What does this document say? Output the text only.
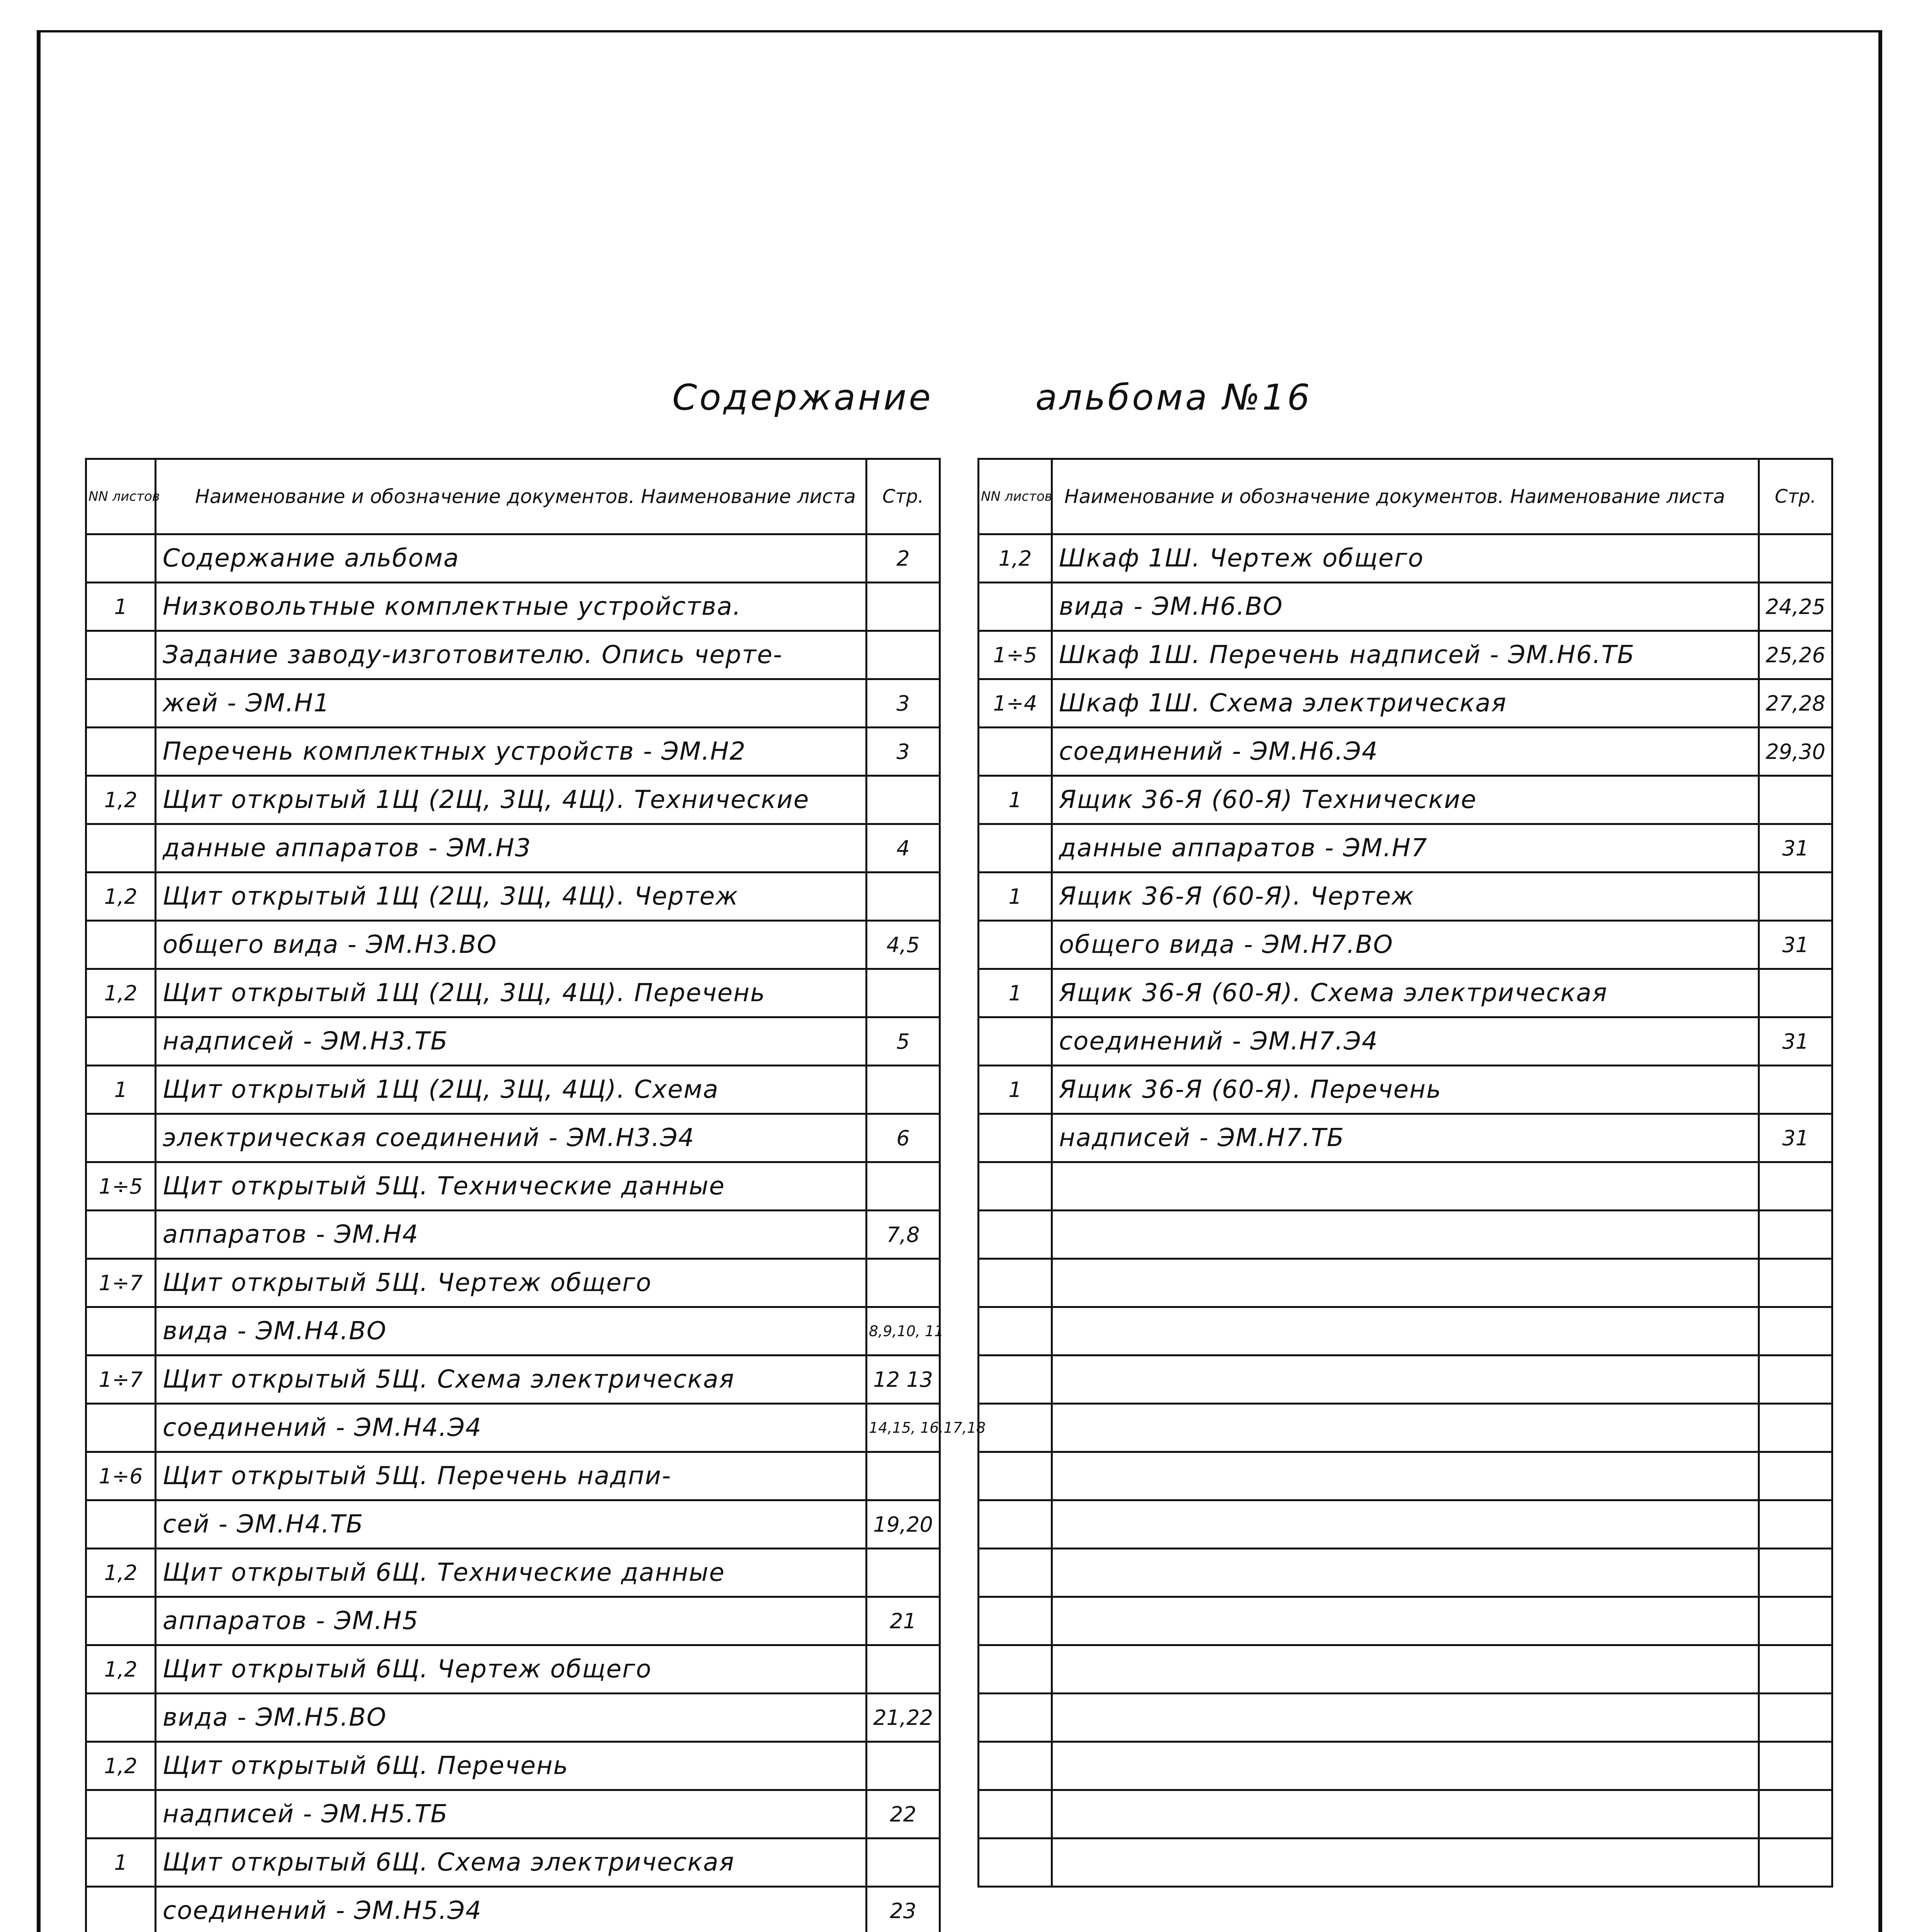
Содержание	альбома №16
NN листов	Наименование и обозначение документов. Наименование листа	Стр.
	Содержание альбома	2
1	Низковольтные комплектные устройства.	
	Задание заводу-изготовителю. Опись черте-	
	жей - ЭМ.Н1	3
	Перечень комплектных устройств - ЭМ.Н2	3
1,2	Щит открытый 1Щ (2Щ, 3Щ, 4Щ). Технические	
	данные аппаратов - ЭМ.Н3	4
1,2	Щит открытый 1Щ (2Щ, 3Щ, 4Щ). Чертеж	
	общего вида - ЭМ.Н3.ВО	4,5
1,2	Щит открытый 1Щ (2Щ, 3Щ, 4Щ). Перечень	
	надписей - ЭМ.Н3.ТБ	5
1	Щит открытый 1Щ (2Щ, 3Щ, 4Щ). Схема	
	электрическая соединений - ЭМ.Н3.Э4	6
1÷5	Щит открытый 5Щ. Технические данные	
	аппаратов - ЭМ.Н4	7,8
1÷7	Щит открытый 5Щ. Чертеж общего	
	вида - ЭМ.Н4.ВО	8,9,10, 11
1÷7	Щит открытый 5Щ. Схема электрическая	12 13
	соединений - ЭМ.Н4.Э4	14,15, 16,17,18
1÷6	Щит открытый 5Щ. Перечень надпи-	
	сей - ЭМ.Н4.ТБ	19,20
1,2	Щит открытый 6Щ. Технические данные	
	аппаратов - ЭМ.Н5	21
1,2	Щит открытый 6Щ. Чертеж общего	
	вида - ЭМ.Н5.ВО	21,22
1,2	Щит открытый 6Щ. Перечень	
	надписей - ЭМ.Н5.ТБ	22
1	Щит открытый 6Щ. Схема электрическая	
	соединений - ЭМ.Н5.Э4	23

NN листов	Наименование и обозначение документов. Наименование листа	Стр.
1,2	Шкаф 1Ш. Чертеж общего	
	вида - ЭМ.Н6.ВО	24,25
1÷5	Шкаф 1Ш. Перечень надписей - ЭМ.Н6.ТБ	25,26
1÷4	Шкаф 1Ш. Схема электрическая	27,28
	соединений - ЭМ.Н6.Э4	29,30
1	Ящик 36-Я (60-Я) Технические	
	данные аппаратов - ЭМ.Н7	31
1	Ящик 36-Я (60-Я). Чертеж	
	общего вида - ЭМ.Н7.ВО	31
1	Ящик 36-Я (60-Я). Схема электрическая	
	соединений - ЭМ.Н7.Э4	31
1	Ящик 36-Я (60-Я). Перечень	
	надписей - ЭМ.Н7.ТБ	31
